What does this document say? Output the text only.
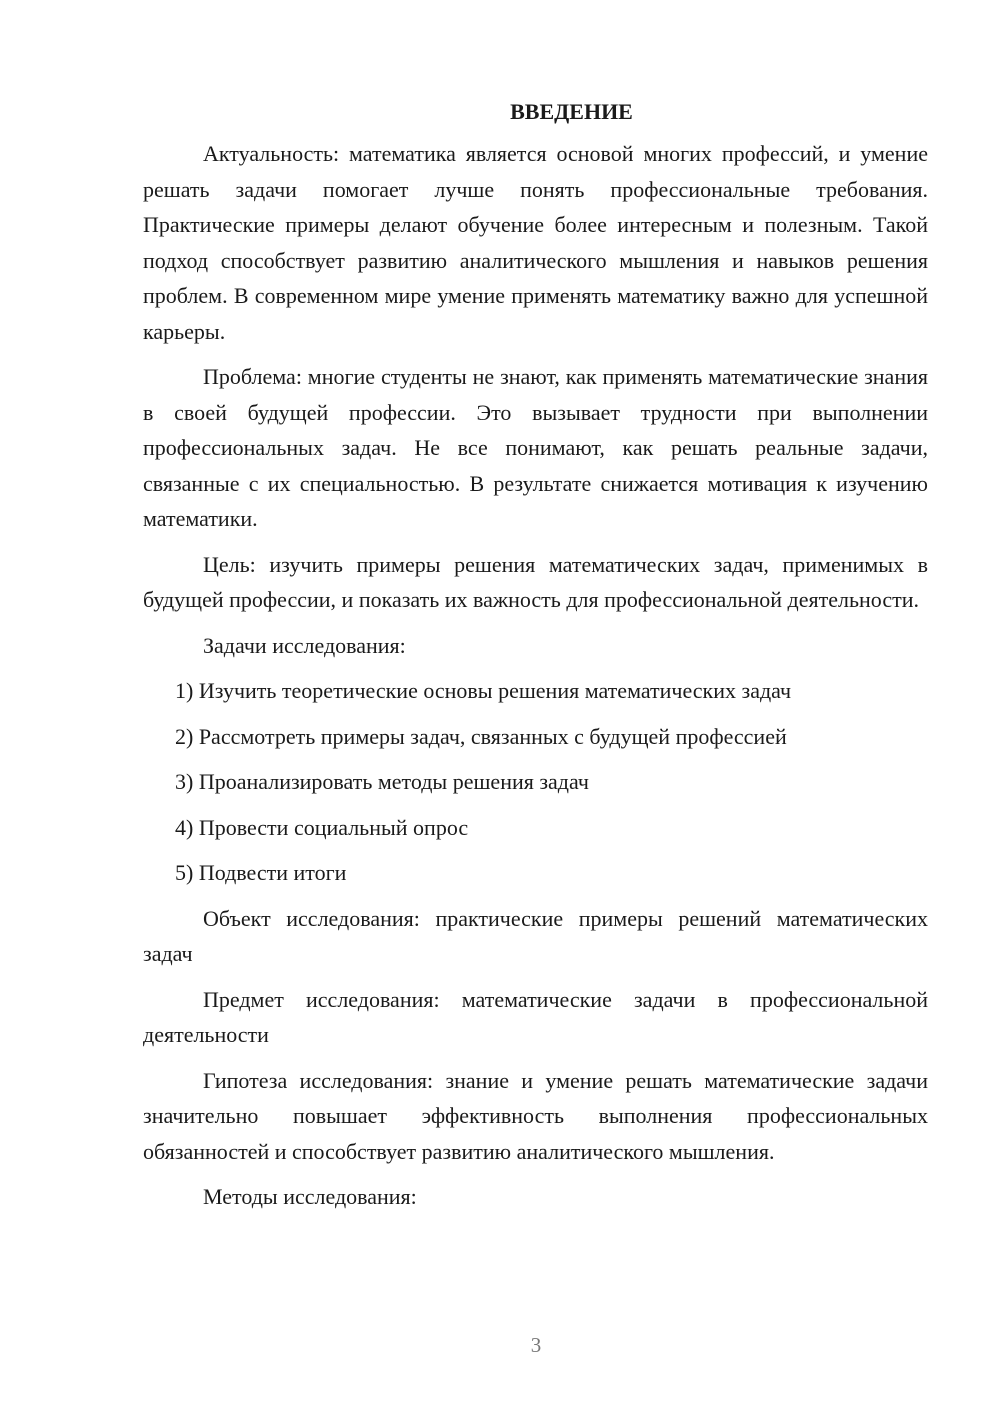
ВВЕДЕНИЕ

Актуальность: математика является основой многих профессий, и умение решать задачи помогает лучше понять профессиональные требования. Практические примеры делают обучение более интересным и полезным. Такой подход способствует развитию аналитического мышления и навыков решения проблем. В современном мире умение применять математику важно для успешной карьеры.

Проблема: многие студенты не знают, как применять математические знания в своей будущей профессии. Это вызывает трудности при выполнении профессиональных задач. Не все понимают, как решать реальные задачи, связанные с их специальностью. В результате снижается мотивация к изучению математики.

Цель: изучить примеры решения математических задач, применимых в будущей профессии, и показать их важность для профессиональной деятельности.

Задачи исследования:

1) Изучить теоретические основы решения математических задач

2) Рассмотреть примеры задач, связанных с будущей профессией

3) Проанализировать методы решения задач

4) Провести социальный опрос

5) Подвести итоги

Объект исследования: практические примеры решений математических задач

Предмет исследования: математические задачи в профессиональной деятельности

Гипотеза исследования: знание и умение решать математические задачи значительно повышает эффективность выполнения профессиональных обязанностей и способствует развитию аналитического мышления.

Методы исследования:

3
